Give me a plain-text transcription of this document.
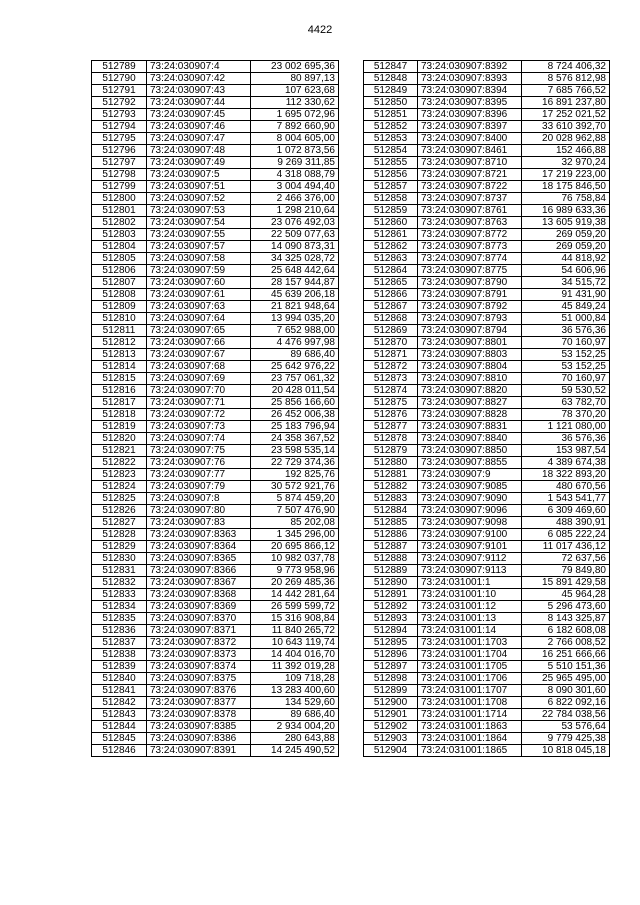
4422
512789	73:24:030907:4	23 002 695,36
512790	73:24:030907:42	80 897,13
512791	73:24:030907:43	107 623,68
512792	73:24:030907:44	112 330,62
512793	73:24:030907:45	1 695 072,96
512794	73:24:030907:46	7 892 660,90
512795	73:24:030907:47	8 004 605,00
512796	73:24:030907:48	1 072 873,56
512797	73:24:030907:49	9 269 311,85
512798	73:24:030907:5	4 318 088,79
512799	73:24:030907:51	3 004 494,40
512800	73:24:030907:52	2 466 376,00
512801	73:24:030907:53	1 298 210,64
512802	73:24:030907:54	23 076 492,03
512803	73:24:030907:55	22 509 077,63
512804	73:24:030907:57	14 090 873,31
512805	73:24:030907:58	34 325 028,72
512806	73:24:030907:59	25 648 442,64
512807	73:24:030907:60	28 157 944,87
512808	73:24:030907:61	45 639 206,18
512809	73:24:030907:63	21 821 948,64
512810	73:24:030907:64	13 994 035,20
512811	73:24:030907:65	7 652 988,00
512812	73:24:030907:66	4 476 997,98
512813	73:24:030907:67	89 686,40
512814	73:24:030907:68	25 642 976,22
512815	73:24:030907:69	23 757 061,32
512816	73:24:030907:70	20 428 011,54
512817	73:24:030907:71	25 856 166,60
512818	73:24:030907:72	26 452 006,38
512819	73:24:030907:73	25 183 796,94
512820	73:24:030907:74	24 358 367,52
512821	73:24:030907:75	23 598 535,14
512822	73:24:030907:76	22 729 374,36
512823	73:24:030907:77	192 825,76
512824	73:24:030907:79	30 572 921,76
512825	73:24:030907:8	5 874 459,20
512826	73:24:030907:80	7 507 476,90
512827	73:24:030907:83	85 202,08
512828	73:24:030907:8363	1 345 296,00
512829	73:24:030907:8364	20 695 866,12
512830	73:24:030907:8365	10 982 037,78
512831	73:24:030907:8366	9 773 958,96
512832	73:24:030907:8367	20 269 485,36
512833	73:24:030907:8368	14 442 281,64
512834	73:24:030907:8369	26 599 599,72
512835	73:24:030907:8370	15 316 908,84
512836	73:24:030907:8371	11 840 265,72
512837	73:24:030907:8372	10 643 119,74
512838	73:24:030907:8373	14 404 016,70
512839	73:24:030907:8374	11 392 019,28
512840	73:24:030907:8375	109 718,28
512841	73:24:030907:8376	13 283 400,60
512842	73:24:030907:8377	134 529,60
512843	73:24:030907:8378	89 686,40
512844	73:24:030907:8385	2 934 004,20
512845	73:24:030907:8386	280 643,88
512846	73:24:030907:8391	14 245 490,52
512847	73:24:030907:8392	8 724 406,32
512848	73:24:030907:8393	8 576 812,98
512849	73:24:030907:8394	7 685 766,52
512850	73:24:030907:8395	16 891 237,80
512851	73:24:030907:8396	17 252 021,52
512852	73:24:030907:8397	33 610 392,70
512853	73:24:030907:8400	20 028 962,88
512854	73:24:030907:8461	152 466,88
512855	73:24:030907:8710	32 970,24
512856	73:24:030907:8721	17 219 223,00
512857	73:24:030907:8722	18 175 846,50
512858	73:24:030907:8737	76 758,84
512859	73:24:030907:8761	16 989 633,36
512860	73:24:030907:8763	13 605 919,38
512861	73:24:030907:8772	269 059,20
512862	73:24:030907:8773	269 059,20
512863	73:24:030907:8774	44 818,92
512864	73:24:030907:8775	54 606,96
512865	73:24:030907:8790	34 515,72
512866	73:24:030907:8791	91 431,90
512867	73:24:030907:8792	45 849,24
512868	73:24:030907:8793	51 000,84
512869	73:24:030907:8794	36 576,36
512870	73:24:030907:8801	70 160,97
512871	73:24:030907:8803	53 152,25
512872	73:24:030907:8804	53 152,25
512873	73:24:030907:8810	70 160,97
512874	73:24:030907:8820	59 530,52
512875	73:24:030907:8827	63 782,70
512876	73:24:030907:8828	78 370,20
512877	73:24:030907:8831	1 121 080,00
512878	73:24:030907:8840	36 576,36
512879	73:24:030907:8850	153 987,54
512880	73:24:030907:8855	4 389 674,38
512881	73:24:030907:9	18 322 893,20
512882	73:24:030907:9085	480 670,56
512883	73:24:030907:9090	1 543 541,77
512884	73:24:030907:9096	6 309 469,60
512885	73:24:030907:9098	488 390,91
512886	73:24:030907:9100	6 085 222,24
512887	73:24:030907:9101	11 017 436,12
512888	73:24:030907:9112	72 637,56
512889	73:24:030907:9113	79 849,80
512890	73:24:031001:1	15 891 429,58
512891	73:24:031001:10	45 964,28
512892	73:24:031001:12	5 296 473,60
512893	73:24:031001:13	8 143 325,87
512894	73:24:031001:14	6 182 608,08
512895	73:24:031001:1703	2 766 008,52
512896	73:24:031001:1704	16 251 666,66
512897	73:24:031001:1705	5 510 151,36
512898	73:24:031001:1706	25 965 495,00
512899	73:24:031001:1707	8 090 301,60
512900	73:24:031001:1708	6 822 092,16
512901	73:24:031001:1714	22 784 038,56
512902	73:24:031001:1863	53 576,64
512903	73:24:031001:1864	9 779 425,38
512904	73:24:031001:1865	10 818 045,18
